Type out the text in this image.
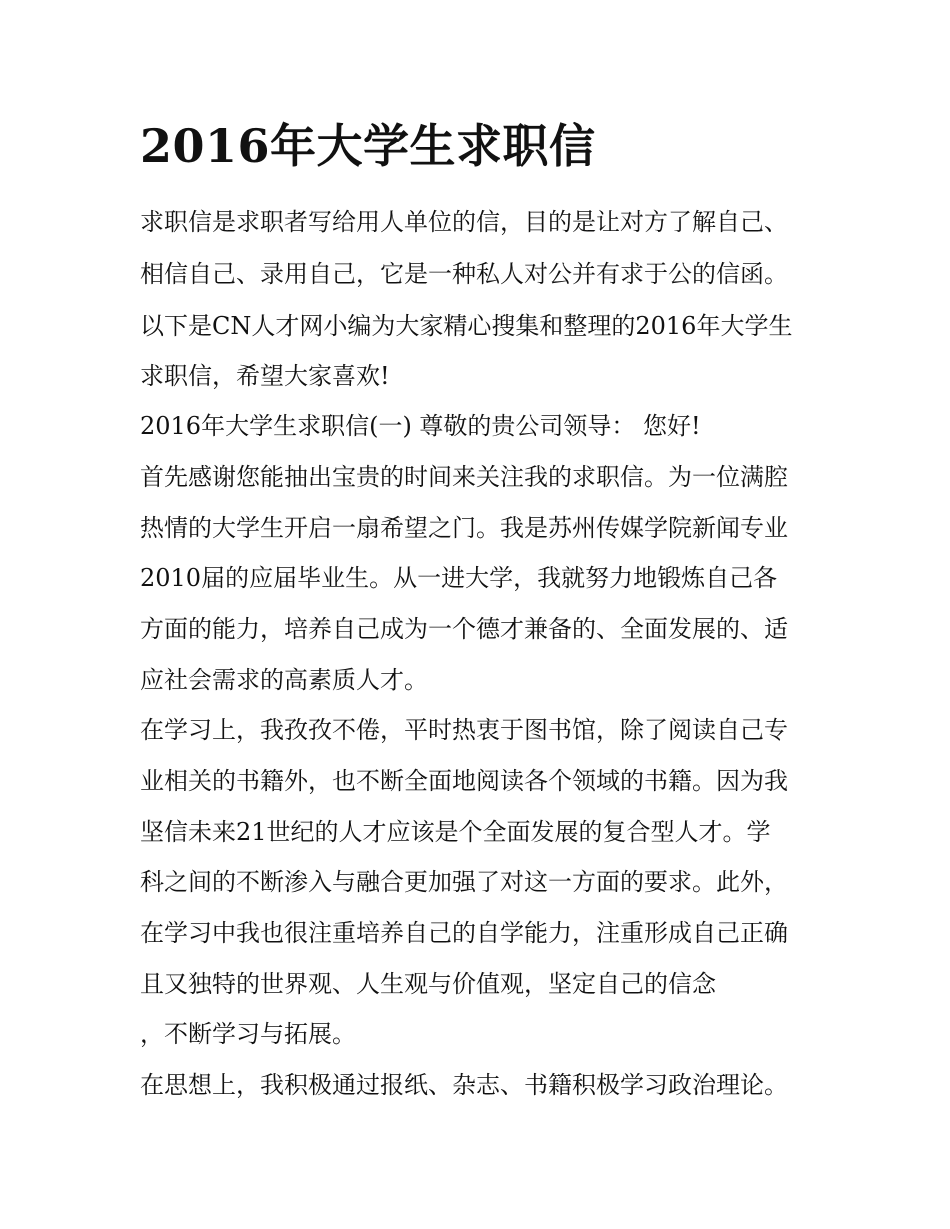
2016年大学生求职信

求职信是求职者写给用人单位的信，目的是让对方了解自己、

相信自己、录用自己，它是一种私人对公并有求于公的信函。

以下是CN人才网小编为大家精心搜集和整理的2016年大学生

求职信，希望大家喜欢!

2016年大学生求职信(一) 尊敬的贵公司领导： 您好!

首先感谢您能抽出宝贵的时间来关注我的求职信。为一位满腔

热情的大学生开启一扇希望之门。我是苏州传媒学院新闻专业

2010届的应届毕业生。从一进大学，我就努力地锻炼自己各

方面的能力，培养自己成为一个德才兼备的、全面发展的、适

应社会需求的高素质人才。

在学习上，我孜孜不倦，平时热衷于图书馆，除了阅读自己专

业相关的书籍外，也不断全面地阅读各个领域的书籍。因为我

坚信未来21世纪的人才应该是个全面发展的复合型人才。学

科之间的不断渗入与融合更加强了对这一方面的要求。此外，

在学习中我也很注重培养自己的自学能力，注重形成自己正确

且又独特的世界观、人生观与价值观，坚定自己的信念

，不断学习与拓展。

在思想上，我积极通过报纸、杂志、书籍积极学习政治理论。
